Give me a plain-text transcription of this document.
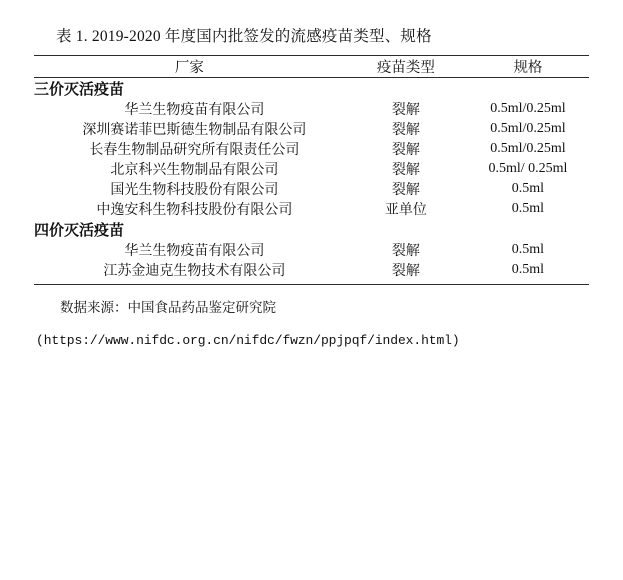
表 1. 2019-2020 年度国内批签发的流感疫苗类型、规格

厂家	疫苗类型	规格

三价灭活疫苗		
华兰生物疫苗有限公司	裂解	0.5ml/0.25ml
深圳赛诺菲巴斯德生物制品有限公司	裂解	0.5ml/0.25ml
长春生物制品研究所有限责任公司	裂解	0.5ml/0.25ml
北京科兴生物制品有限公司	裂解	0.5ml/ 0.25ml
国光生物科技股份有限公司	裂解	0.5ml
中逸安科生物科技股份有限公司	亚单位	0.5ml
四价灭活疫苗		
华兰生物疫苗有限公司	裂解	0.5ml
江苏金迪克生物技术有限公司	裂解	0.5ml

数据来源：中国食品药品鉴定研究院
(https://www.nifdc.org.cn/nifdc/fwzn/ppjpqf/index.html)
